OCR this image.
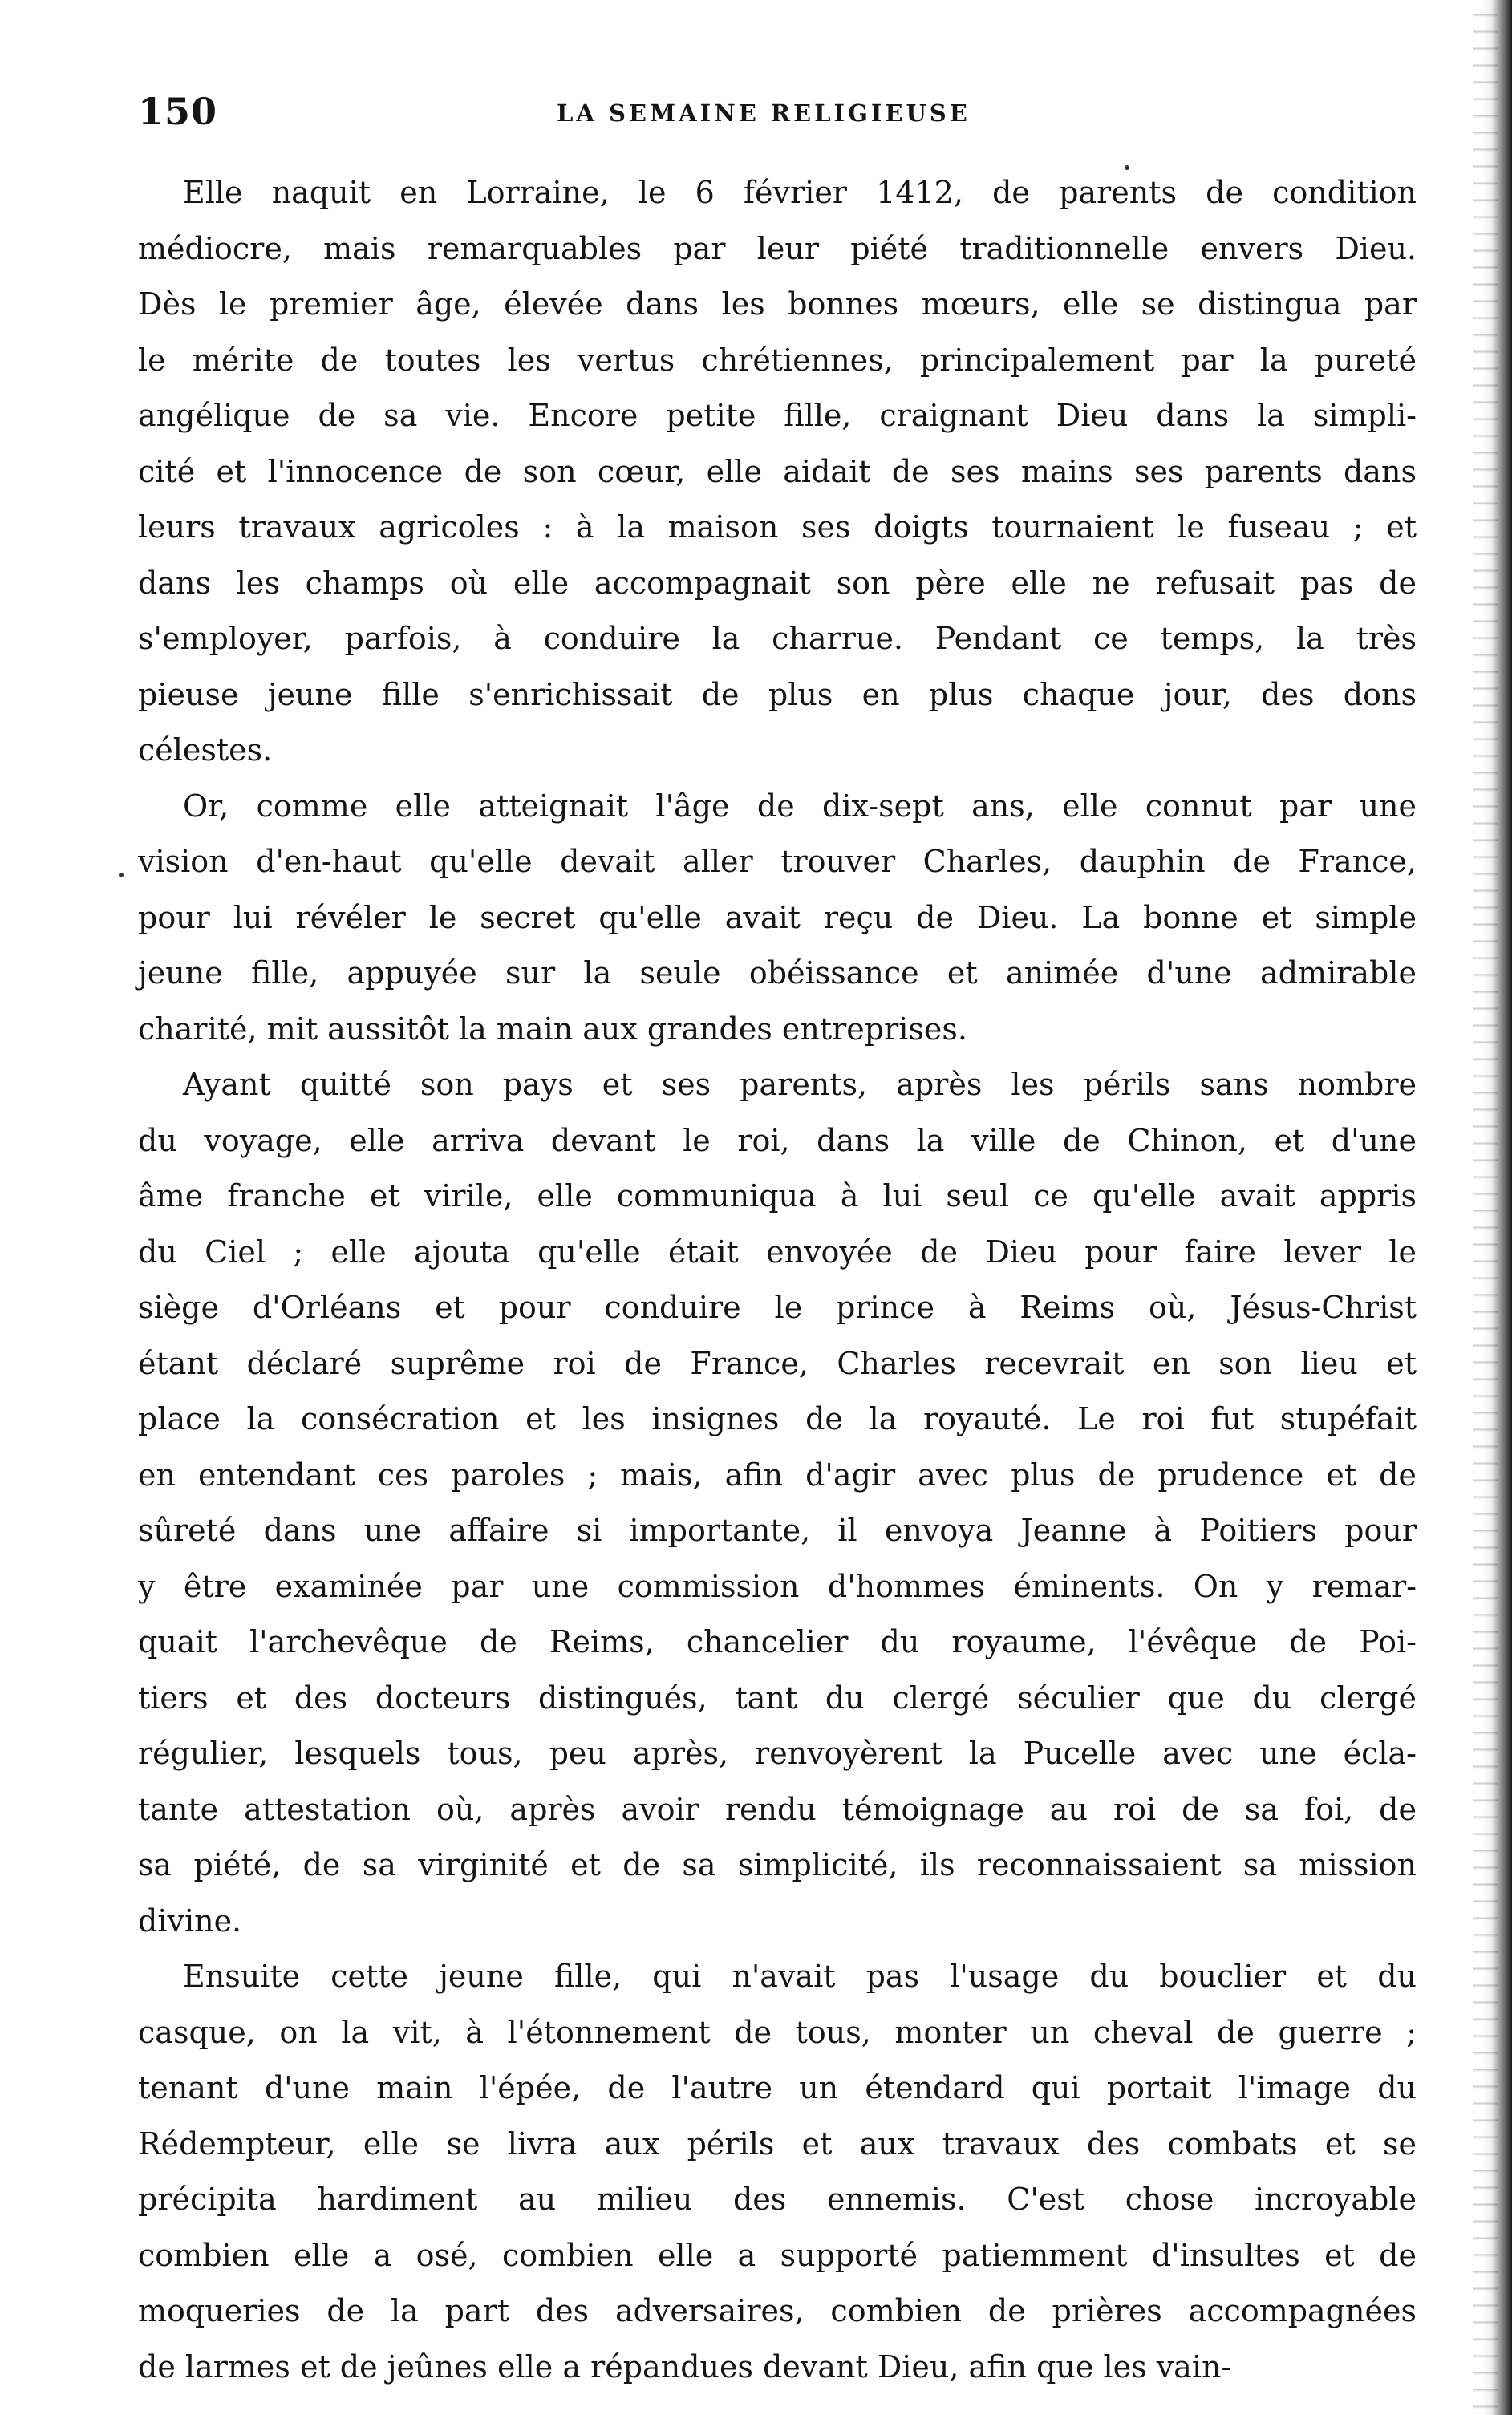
150	LA SEMAINE RELIGIEUSE
Elle naquit en Lorraine, le 6 février 1412, de parents de condition
médiocre, mais remarquables par leur piété traditionnelle envers Dieu.
Dès le premier âge, élevée dans les bonnes mœurs, elle se distingua par
le mérite de toutes les vertus chrétiennes, principalement par la pureté
angélique de sa vie. Encore petite fille, craignant Dieu dans la simpli-
cité et l'innocence de son cœur, elle aidait de ses mains ses parents dans
leurs travaux agricoles : à la maison ses doigts tournaient le fuseau ; et
dans les champs où elle accompagnait son père elle ne refusait pas de
s'employer, parfois, à conduire la charrue. Pendant ce temps, la très
pieuse jeune fille s'enrichissait de plus en plus chaque jour, des dons
célestes.
Or, comme elle atteignait l'âge de dix-sept ans, elle connut par une
vision d'en-haut qu'elle devait aller trouver Charles, dauphin de France,
pour lui révéler le secret qu'elle avait reçu de Dieu. La bonne et simple
jeune fille, appuyée sur la seule obéissance et animée d'une admirable
charité, mit aussitôt la main aux grandes entreprises.
Ayant quitté son pays et ses parents, après les périls sans nombre
du voyage, elle arriva devant le roi, dans la ville de Chinon, et d'une
âme franche et virile, elle communiqua à lui seul ce qu'elle avait appris
du Ciel ; elle ajouta qu'elle était envoyée de Dieu pour faire lever le
siège d'Orléans et pour conduire le prince à Reims où, Jésus-Christ
étant déclaré suprême roi de France, Charles recevrait en son lieu et
place la consécration et les insignes de la royauté. Le roi fut stupéfait
en entendant ces paroles ; mais, afin d'agir avec plus de prudence et de
sûreté dans une affaire si importante, il envoya Jeanne à Poitiers pour
y être examinée par une commission d'hommes éminents. On y remar-
quait l'archevêque de Reims, chancelier du royaume, l'évêque de Poi-
tiers et des docteurs distingués, tant du clergé séculier que du clergé
régulier, lesquels tous, peu après, renvoyèrent la Pucelle avec une écla-
tante attestation où, après avoir rendu témoignage au roi de sa foi, de
sa piété, de sa virginité et de sa simplicité, ils reconnaissaient sa mission
divine.
Ensuite cette jeune fille, qui n'avait pas l'usage du bouclier et du
casque, on la vit, à l'étonnement de tous, monter un cheval de guerre ;
tenant d'une main l'épée, de l'autre un étendard qui portait l'image du
Rédempteur, elle se livra aux périls et aux travaux des combats et se
précipita hardiment au milieu des ennemis. C'est chose incroyable
combien elle a osé, combien elle a supporté patiemment d'insultes et de
moqueries de la part des adversaires, combien de prières accompagnées
de larmes et de jeûnes elle a répandues devant Dieu, afin que les vain-
